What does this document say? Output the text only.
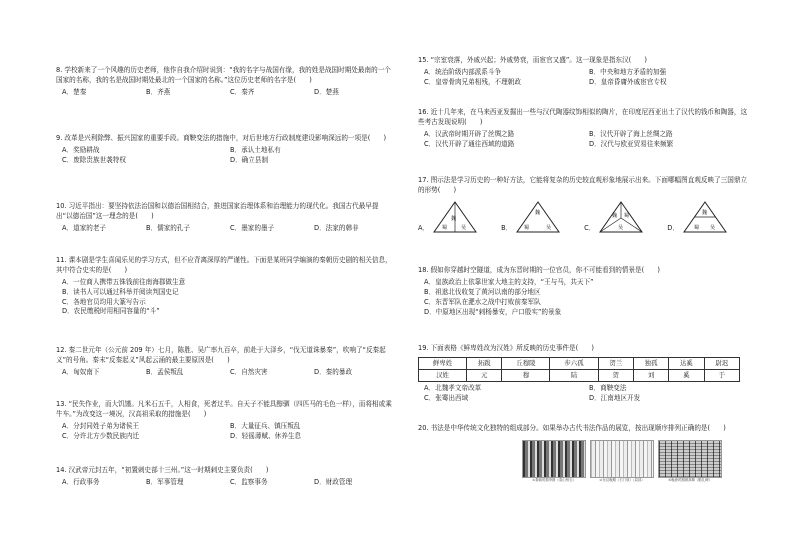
8. 学校新来了一个风趣的历史老师，他作自我介绍时说到：“我的名字与战国有缘，我的姓是战国时期处最南的一个国家的名称，我的名是战国时期处最北的一个国家的名称。”这位历史老师的名字是(　　)

A．楚秦	B．齐燕	C．秦齐	D．楚燕

9. 改革是兴利除弊、振兴国家的重要手段。商鞅变法的措施中，对后世地方行政制度建设影响深远的一项是(　　)

A．奖励耕战	B．承认土地私有
C．废除贵族世袭特权	D．确立县制

10. 习近平指出：要坚持依法治国和以德治国相结合，推进国家治理体系和治理能力的现代化。我国古代最早提出“以德治国”这一理念的是(　　)

A．道家的老子	B．儒家的孔子	C．墨家的墨子	D．法家的韩非

11. 课本剧是学生喜闻乐见的学习方式，但不应背离深厚的严谨性。下面是某班同学编演的秦朝历史剧的相关信息，其中符合史实的是(　　)

A．一位商人携带五铢钱前往南海郡做生意
B．读书人可以通过科举并阅读判国史记
C．各地官员均用大篆写告示
D．农民缴税时用相同容量的“斗”

12. 秦二世元年（公元前 209 年）七月，陈胜、吴广率九百卒，前赴于大泽乡，“伐无道诛暴秦”，吹响了“反秦起义”的号角。秦末“反秦起义”风起云涌的最主要原因是(　　)

A．匈奴南下	B．孟侯叛乱	C．自然灾害	D．秦的暴政

13. “民失作业，而大饥馑。凡米石五千，人相食，死者过半。自天子不能具醇驷（四匹马的毛色一样），而将相或乘牛车。”为改变这一境况，汉高祖采取的措施是(　　)

A．分封同姓子弟为诸侯王	B．大量征兵、镇压叛乱
C．分许北方少数民族内迁	D．轻徭薄赋、休养生息

14. 汉武帝元封五年，“初置刺史部十三州。”这一时期刺史主要负责(　　)

A．行政事务	B．军事管理	C．监察事务	D．财政管理

15. “宗室衰落，外戚兴起；外戚势衰，而宦官又盛”。这一现象是指东汉(　　)

A．统治阶级内部派系斗争	B．中央和地方矛盾的加强
C．皇帝骨肉兄弟相残，不理朝政	D．皇帝昏庸外戚宦官专权

16. 近十几年来，在马来西亚发掘出一些与汉代陶器纹饰相似的陶片，在印度尼西亚出土了汉代的钱币和陶器，这些考古发现说明(　　)

A．汉武帝时期开辟了丝绸之路	B．汉代开辟了海上丝绸之路
C．汉代开辟了通往西域的道路	D．汉代与欧亚贸易往来频繁

17. 图示法是学习历史的一种好方法，它能将复杂的历史较直观形象地展示出来。下面哪幅图直观反映了三国鼎立的形势(　　)

A．
魏
蜀	吴	B．
魏
蜀	吴	C．
魏 蜀
吴	D．
魏
蜀 吴

18. 假如你穿越时空隧道，成为东晋时期的一位官员，你不可能看到的情景是(　　)

A．皇族政治上依靠世家大地主的支持，“王与马，共天下”
B．祖逖北伐收复了黄河以南的部分地区
C．东晋军队在淝水之战中打败前秦军队
D．中原地区出现“刺杨暴安，户口殷实”的景象

19. 下面表格《鲜卑姓改为汉姓》所反映的历史事件是(　　)

鲜卑姓	拓跋	丘穆陵	步六孤	贺兰	独孤	达奚	尉迟
汉姓	元	穆	陆	贺	刘	奚	于
A．北魏孝文帝改革	B．商鞅变法
C．张骞出西域	D．江南地区开发

20. 书法是中华传统文化独特的组成部分。如果举办古代书法作品的展览，按出现顺序排列正确的是(　　)

①秦朝时期李斯《泰山刻石》	②东汉晚期《石门颂》（局部）	③晚唐时期颜真卿《勤礼碑》
